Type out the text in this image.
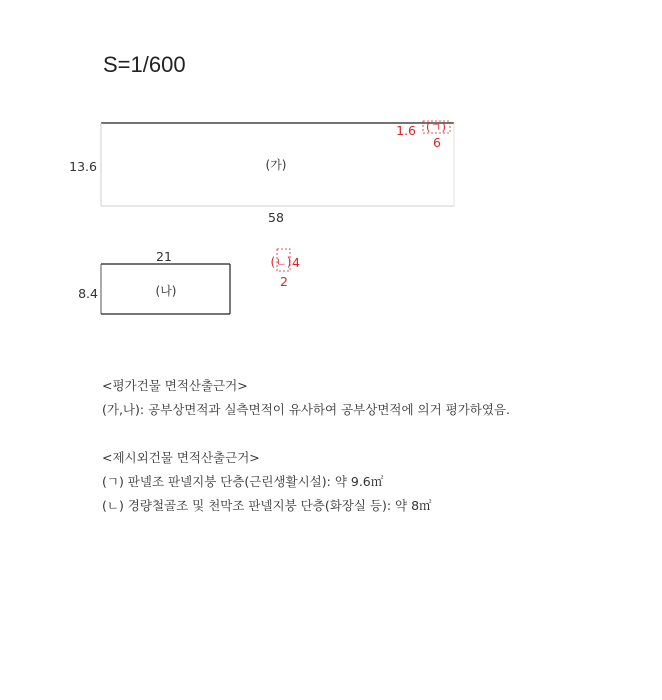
S=1/600
(가)
58
13.6
(ㄱ)
1.6
6
(나)
21
8.4
(ㄴ) 4
2
<평가건물 면적산출근거>
(가,나): 공부상면적과 실측면적이 유사하여 공부상면적에 의거 평가하였음.
<제시외건물 면적산출근거>
(ㄱ) 판넬조 판넬지붕 단층(근린생활시설): 약 9.6㎡
(ㄴ) 경량철골조 및 천막조 판넬지붕 단층(화장실 등): 약 8㎡
